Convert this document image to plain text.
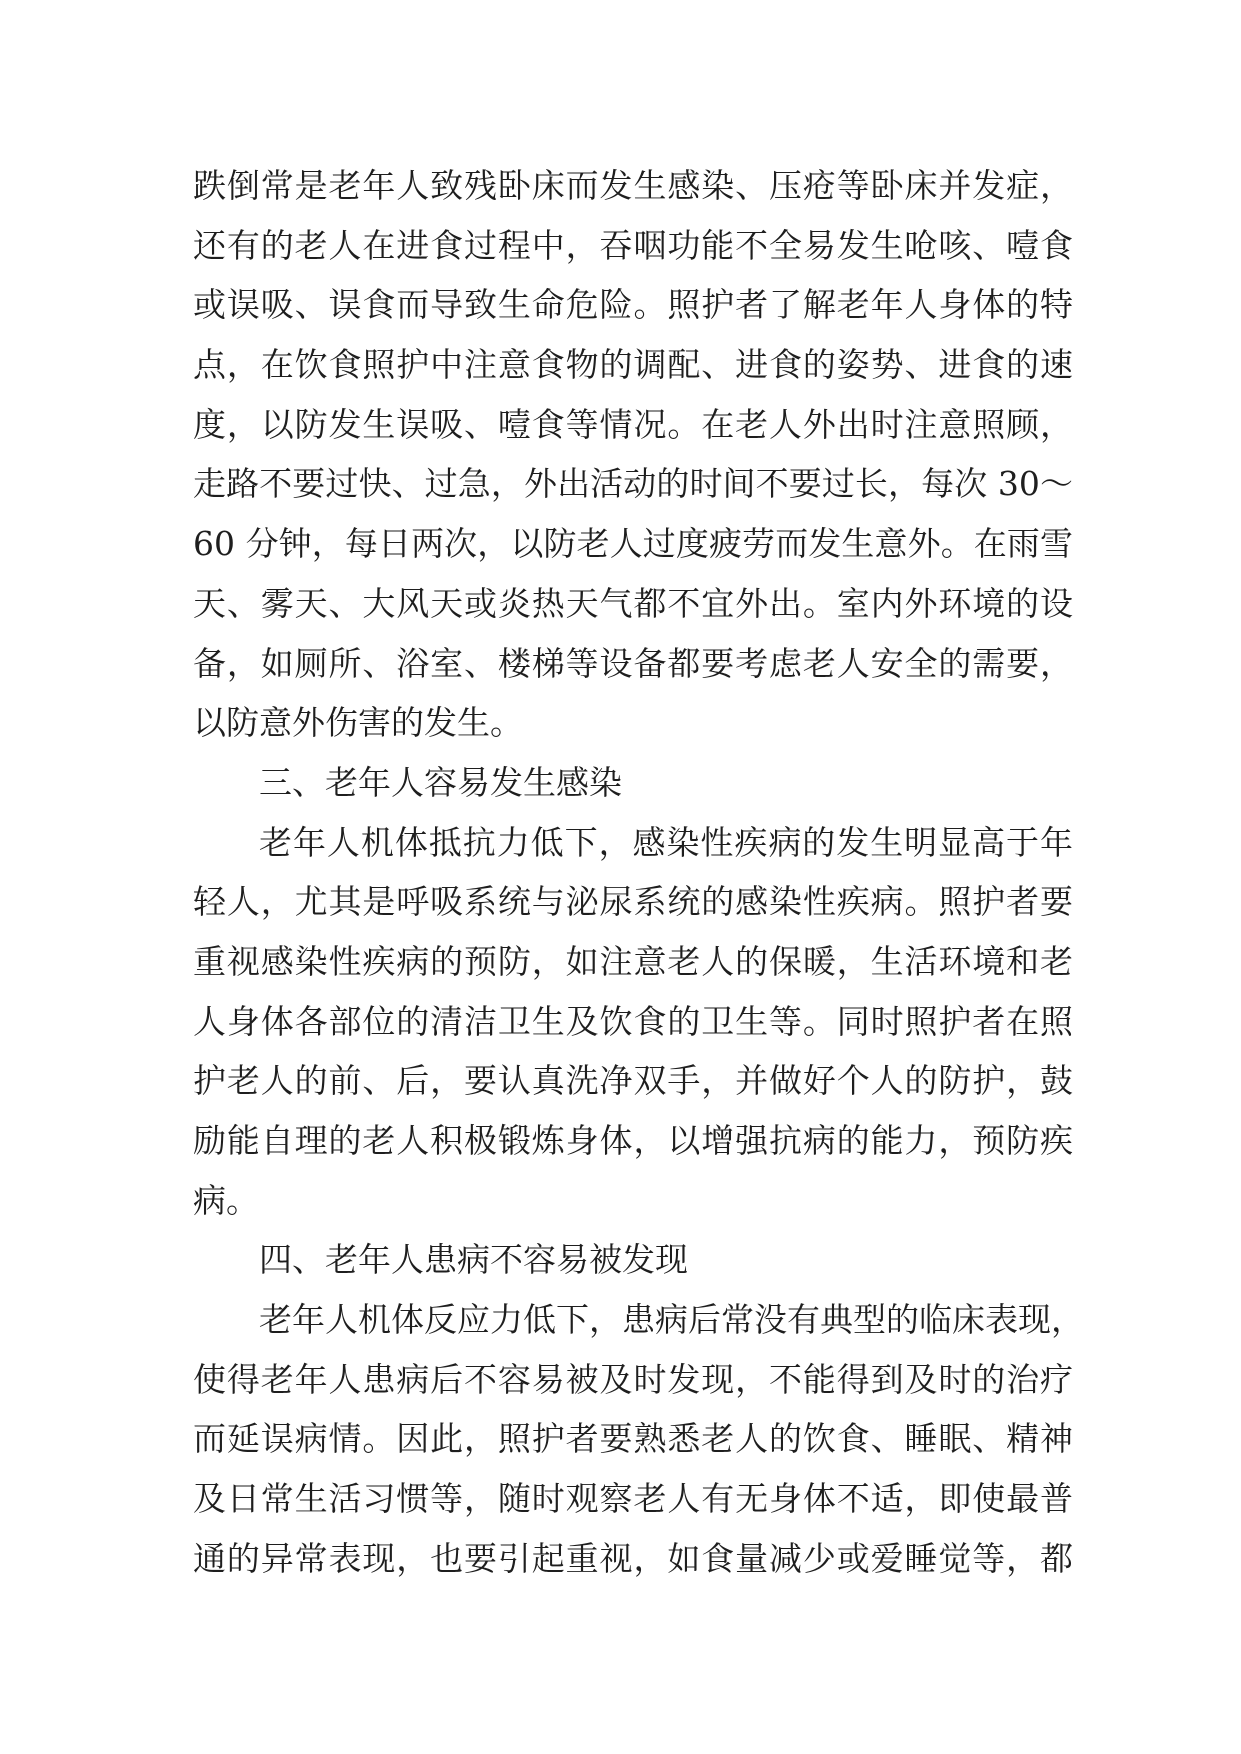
跌倒常是老年人致残卧床而发生感染、压疮等卧床并发症，
还有的老人在进食过程中，吞咽功能不全易发生呛咳、噎食
或误吸、误食而导致生命危险。照护者了解老年人身体的特
点，在饮食照护中注意食物的调配、进食的姿势、进食的速
度，以防发生误吸、噎食等情况。在老人外出时注意照顾，
走路不要过快、过急，外出活动的时间不要过长，每次 30～
60 分钟，每日两次，以防老人过度疲劳而发生意外。在雨雪
天、雾天、大风天或炎热天气都不宜外出。室内外环境的设
备，如厕所、浴室、楼梯等设备都要考虑老人安全的需要，
以防意外伤害的发生。
三、老年人容易发生感染
老年人机体抵抗力低下，感染性疾病的发生明显高于年
轻人，尤其是呼吸系统与泌尿系统的感染性疾病。照护者要
重视感染性疾病的预防，如注意老人的保暖，生活环境和老
人身体各部位的清洁卫生及饮食的卫生等。同时照护者在照
护老人的前、后，要认真洗净双手，并做好个人的防护，鼓
励能自理的老人积极锻炼身体，以增强抗病的能力，预防疾
病。
四、老年人患病不容易被发现
老年人机体反应力低下，患病后常没有典型的临床表现，
使得老年人患病后不容易被及时发现，不能得到及时的治疗
而延误病情。因此，照护者要熟悉老人的饮食、睡眠、精神
及日常生活习惯等，随时观察老人有无身体不适，即使最普
通的异常表现，也要引起重视，如食量减少或爱睡觉等，都
